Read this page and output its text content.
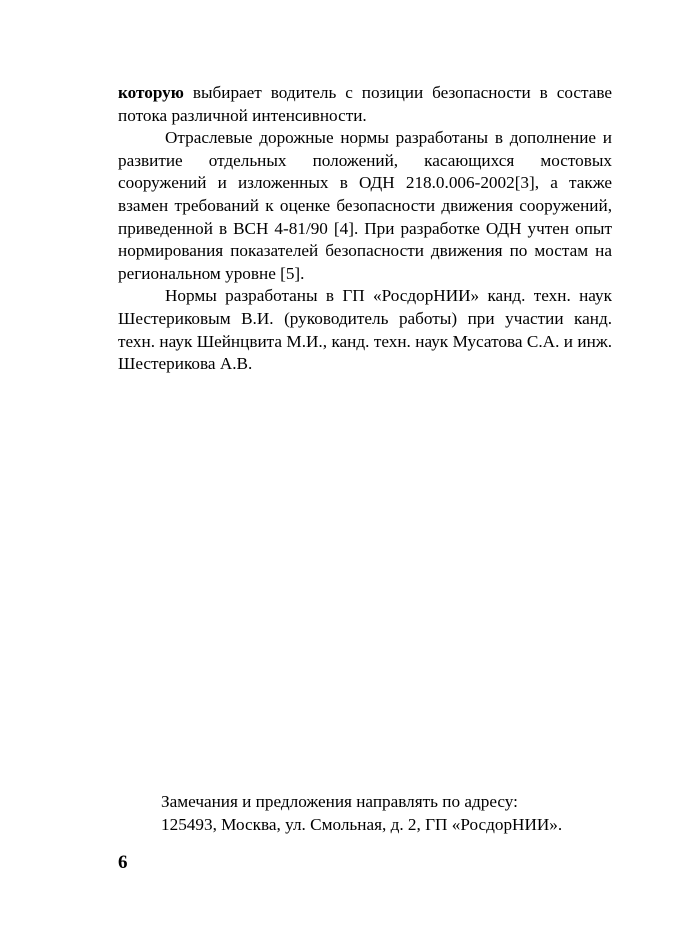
которую выбирает водитель с позиции безопасности в составе потока различной интенсивности.

Отраслевые дорожные нормы разработаны в дополнение и развитие отдельных положений, касающихся мостовых сооружений и изложенных в ОДН 218.0.006-2002[3], а также взамен требований к оценке безопасности движения сооружений, приведенной в ВСН 4-81/90 [4]. При разработке ОДН учтен опыт нормирования показателей безопасности движения по мостам на региональном уровне [5].

Нормы разработаны в ГП «РосдорНИИ» канд. техн. наук Шестериковым В.И. (руководитель работы) при участии канд. техн. наук Шейнцвита М.И., канд. техн. наук Мусатова С.А. и инж. Шестерикова А.В.

Замечания и предложения направлять по адресу:
125493, Москва, ул. Смольная, д. 2, ГП «РосдорНИИ».
6
